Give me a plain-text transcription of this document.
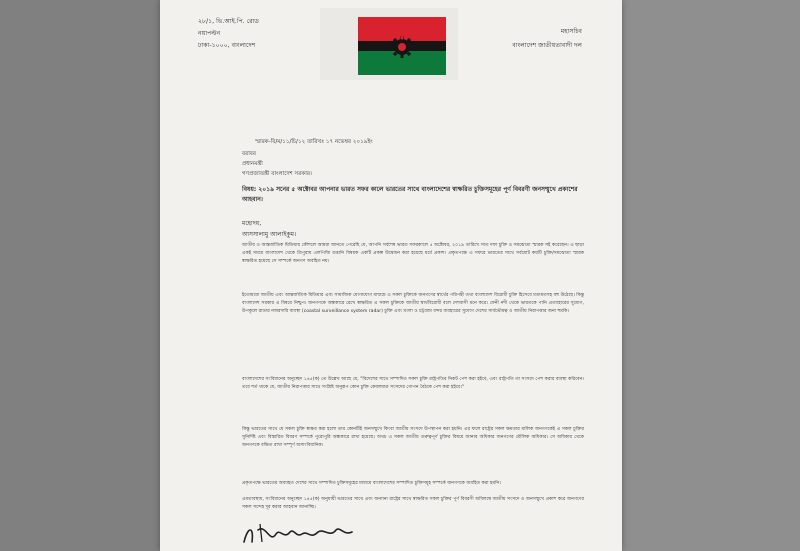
২৮/১, ভি.আই.পি. রোড
নয়াপল্টন
ঢাকা-১০০০, বাংলাদেশ
মহাসচিব
বাংলাদেশ জাতীয়তাবাদী দল
স্মারক-বি/ম/১১/চি/১২ তারিখঃ ১৭ নভেম্বর ২০১৯ইং
বরাবর
প্রধানমন্ত্রী
গণপ্রজাতন্ত্রী বাংলাদেশ সরকার।
বিষয়: ২০১৯ সনের ৫ অক্টোবর আপনার ভারত সফর কালে ভারতের সাথে বাংলাদেশের স্বাক্ষরিত চুক্তিসমূহের পূর্ণ বিবরণী জনসম্মুখে প্রকাশের আহবান।
মহোদয়,
আসসালামু আলাইকুম।
জাতীয় ও আন্তর্জাতিক মিডিয়ার কৌশলে আমরা জানতে পেরেছি যে, আপনি সর্বশেষ ভারত সফরকালে ৫ অক্টোবর, ২০১৯ তারিখে সাত দফা চুক্তি ও সমঝোতা স্মারক সই করেছেন। এ ছাড়া একই সময়ে বাংলাদেশ থেকে ত্রিপুরায় এলপিজি রপ্তানি বিষয়ক একটি প্রকল্প উদ্বোধন করা হয়েছে মর্মে প্রকাশ। প্রকৃতপক্ষে এ সফরে ভারতের সাথে সর্বমোট কয়টি চুক্তি/সমঝোতা স্মারক স্বাক্ষরিত হয়েছে সে সম্পর্কে জনগণ অবহিত নয়।
ইতোমধ্যে জাতীয় এবং আন্তর্জাতিক মিডিয়ার এবং সামাজিক যোগাযোগ মাধ্যমে এ সকল চুক্তিকে জনগণের স্বার্থের পরিপন্থী তথা বাংলাদেশ বিরোধী চুক্তি হিসেবে মতামতসহ বহু উঠেছে। কিন্তু বাংলাদেশ সরকার এ বিষয়ে নিশ্চুপ। জনগণকে অন্ধকারে রেখে স্বাক্ষরিত এ সকল চুক্তিকে জাতীয় স্বার্থবিরোধী বলে দেশবাসী মনে করে। ফেনী নদী থেকে ভারতকে পানি প্রত্যাহারের সুযোগ, উপকূলে রাডার নজরদারি ব্যবস্থা (coastal surveillance system radar) চুক্তি এবং মংলা ও চট্টগ্রাম বন্দর ব্যবহারের সুযোগ দেশের সার্বভৌমত্ব ও জাতীয় নিরাপত্তার জন্য হুমকি।
বাংলাদেশের সংবিধানের অনুচ্ছেদ ১৪৫(ক) তে উল্লেখ আছে যে, "বিদেশের সাথে সম্পাদিত সকল চুক্তি রাষ্ট্রপতির নিকট পেশ করা হইবে, এবং রাষ্ট্রপতি তা সংসদে পেশ করার ব্যবস্থা করিবেন। তবে শর্ত থাকে যে, জাতীয় নিরাপত্তার সাথে সংশ্লিষ্ট অনুরূপ কোন চুক্তি কেবলমাত্র সংসদের গোপন বৈঠকে পেশ করা হইবে।"
কিন্তু ভারতের সাথে যে সকল চুক্তি স্বাক্ষর করা হলো তার কোনটিই জনসম্মুখে কিংবা জাতীয় সংসদে উপস্থাপন করা হয়নি। এর ফলে রাষ্ট্রের সকল ক্ষমতার মালিক জনগণকেই এ সকল চুক্তির সুনির্দিষ্ট এবং বিস্তারিত বিবরণ সম্পর্কে পুরোপুরি অন্ধকারে রাখা হয়েছে। অথচ এ সকল জাতীয় গুরুত্বপূর্ণ চুক্তির বিষয়ে জানার অধিকার জনগণের মৌলিক অধিকার। সে অধিকার থেকে জনগণকে বঞ্চিত রাখা সম্পূর্ণ অসাংবিধানিক।
প্রকৃতপক্ষে ভারতের অব্যাহত দেশের সাথে সম্পাদিত চুক্তিসমূহের মাধ্যমে বাংলাদেশের সম্পাদিত চুক্তিসমূহ সম্পর্কে জনগণকে অবহিত করা হয়নি।
এমতাবস্থায়, সংবিধানের অনুচ্ছেদ ১৪৫(ক) অনুযায়ী ভারতের সাথে এবং অন্যান্য রাষ্ট্রের সাথে স্বাক্ষরিত সকল চুক্তির পূর্ণ বিবরণী অবিলম্বে জাতীয় সংসদে ও জনসম্মুখে প্রকাশ করে জনগণের সকল সন্দেহ দূর করার আহবান জানাচ্ছি।
